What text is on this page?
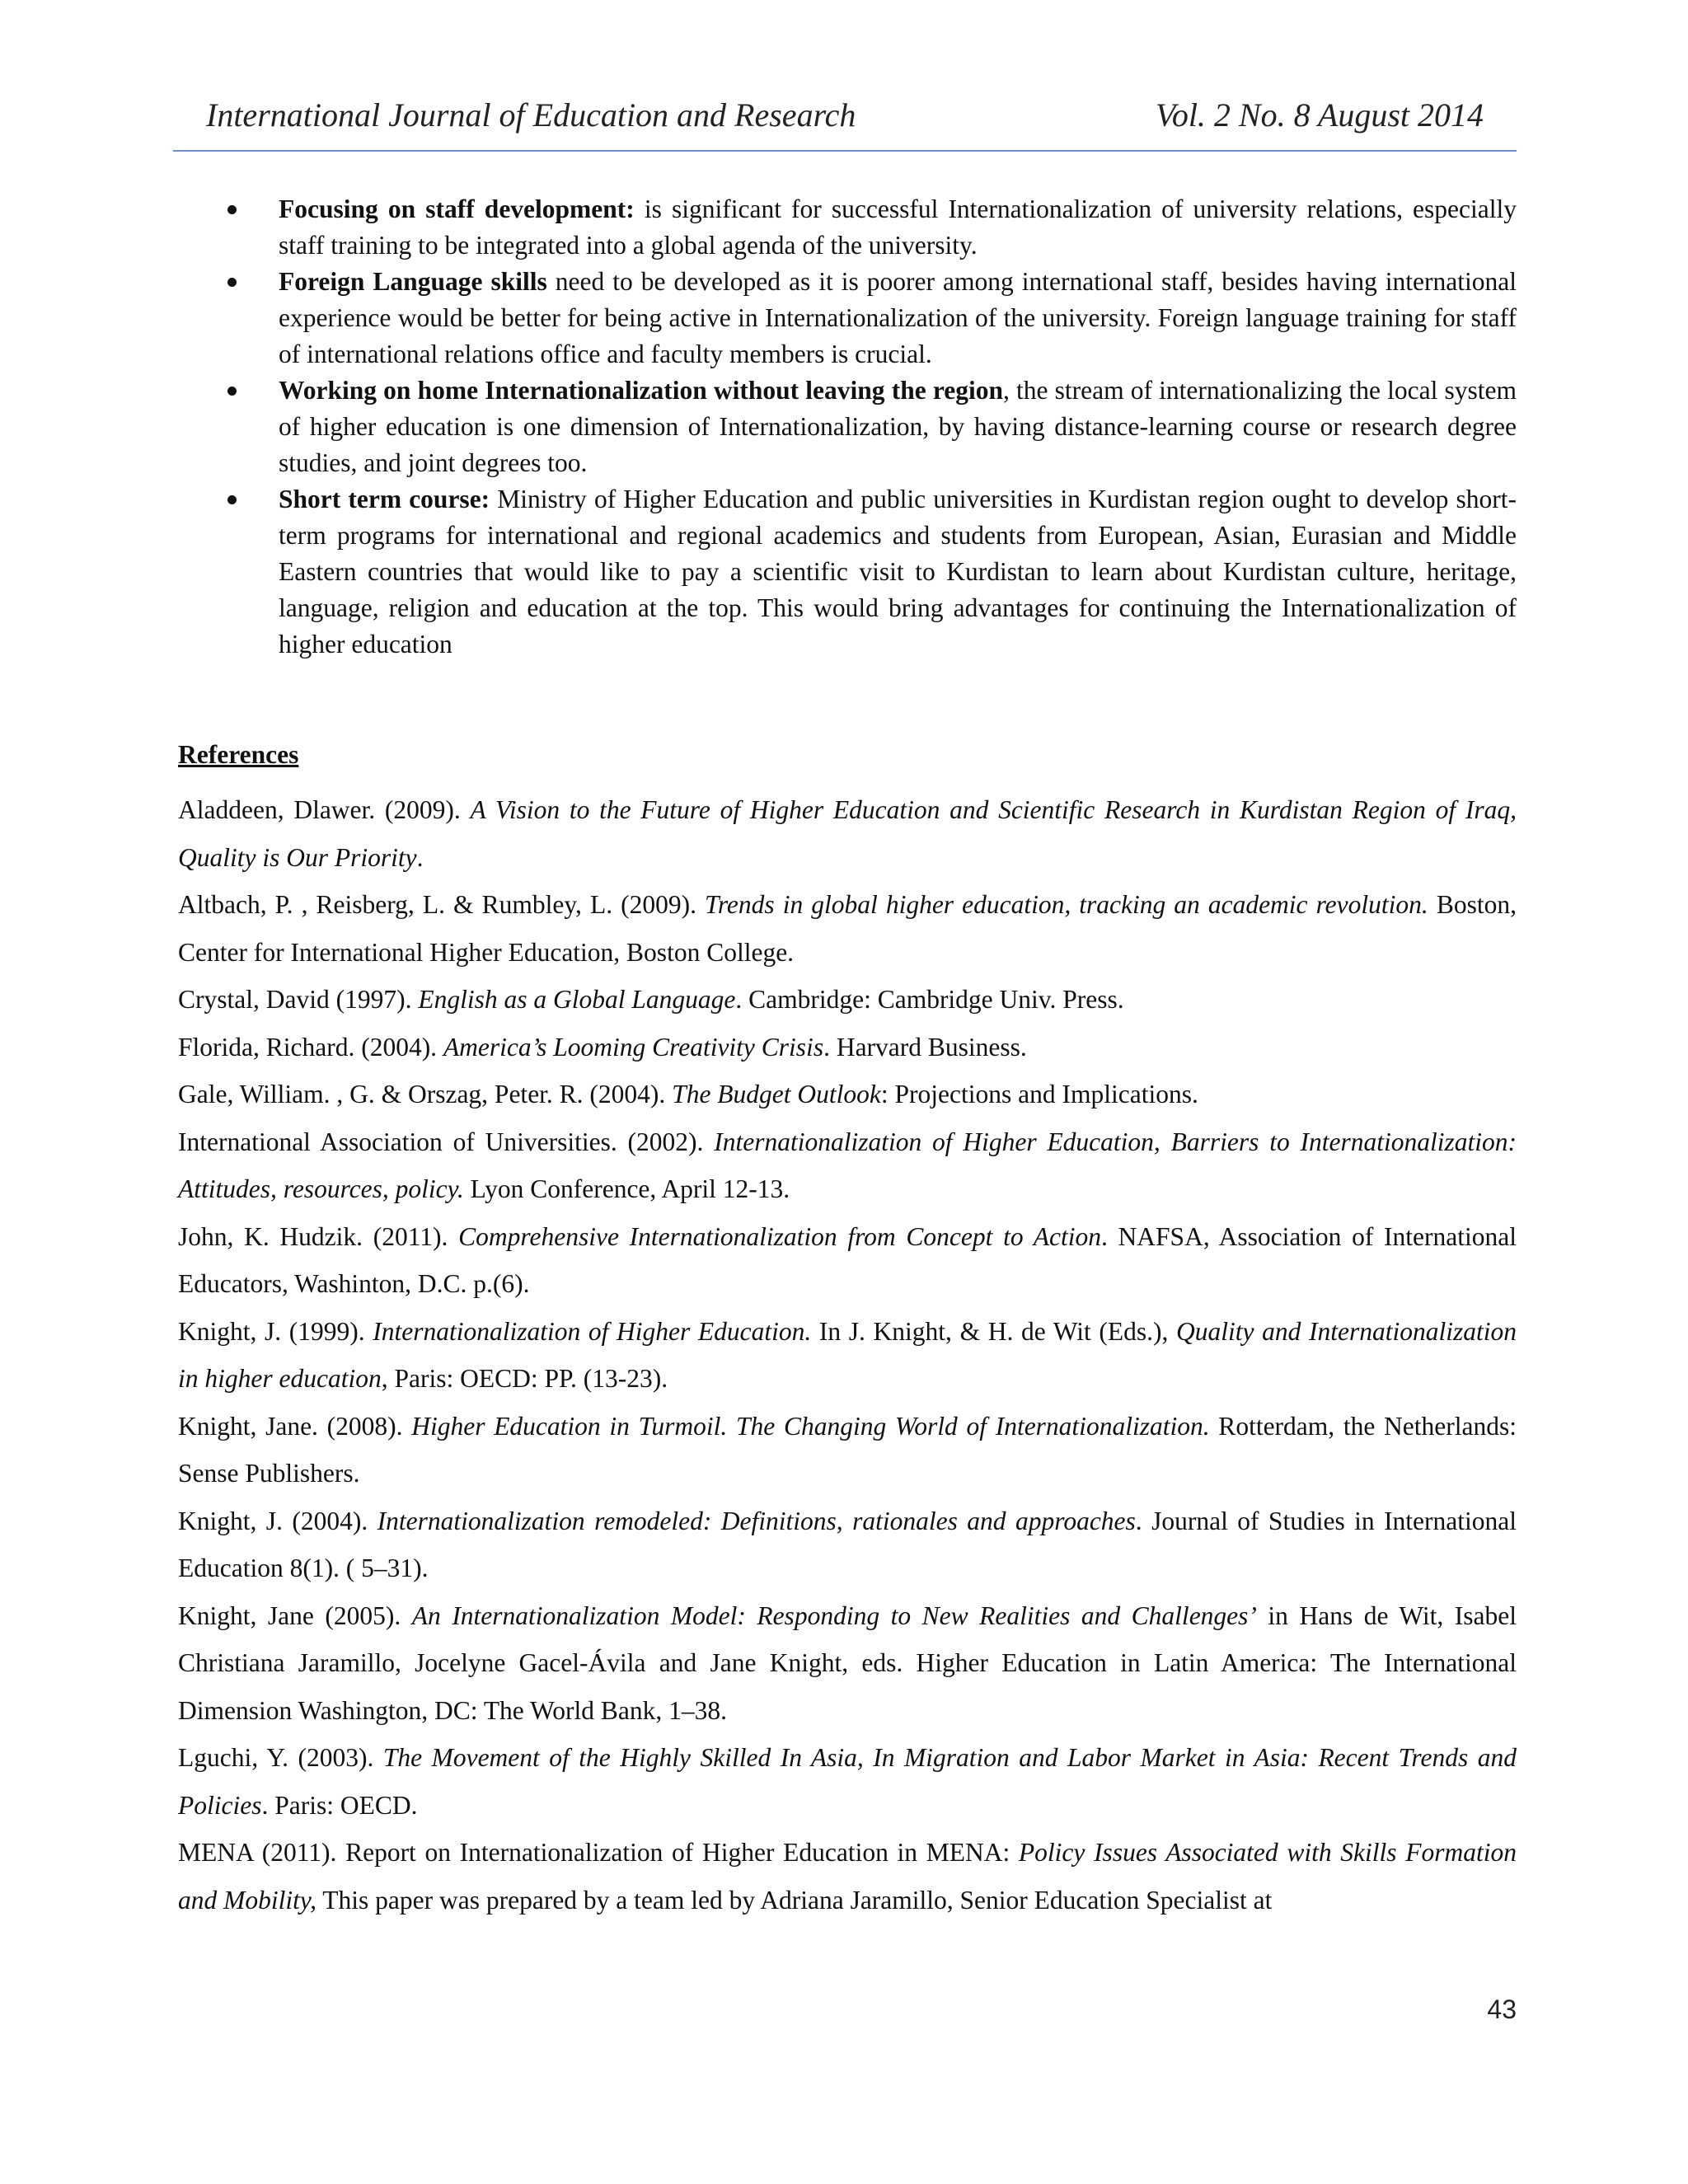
International Journal of Education and Research	Vol. 2 No. 8 August 2014
Focusing on staff development: is significant for successful Internationalization of university relations, especially staff training to be integrated into a global agenda of the university.
Foreign Language skills need to be developed as it is poorer among international staff, besides having international experience would be better for being active in Internationalization of the university. Foreign language training for staff of international relations office and faculty members is crucial.
Working on home Internationalization without leaving the region, the stream of internationalizing the local system of higher education is one dimension of Internationalization, by having distance-learning course or research degree studies, and joint degrees too.
Short term course: Ministry of Higher Education and public universities in Kurdistan region ought to develop short-term programs for international and regional academics and students from European, Asian, Eurasian and Middle Eastern countries that would like to pay a scientific visit to Kurdistan to learn about Kurdistan culture, heritage, language, religion and education at the top. This would bring advantages for continuing the Internationalization of higher education
References

Aladdeen, Dlawer. (2009). A Vision to the Future of Higher Education and Scientific Research in Kurdistan Region of Iraq, Quality is Our Priority.

Altbach, P. , Reisberg, L. & Rumbley, L. (2009). Trends in global higher education, tracking an academic revolution. Boston, Center for International Higher Education, Boston College.

Crystal, David (1997). English as a Global Language. Cambridge: Cambridge Univ. Press.

Florida, Richard. (2004). America’s Looming Creativity Crisis. Harvard Business.

Gale, William. , G. & Orszag, Peter. R. (2004). The Budget Outlook: Projections and Implications.

International Association of Universities. (2002). Internationalization of Higher Education, Barriers to Internationalization: Attitudes, resources, policy. Lyon Conference, April 12-13.

John, K. Hudzik. (2011). Comprehensive Internationalization from Concept to Action. NAFSA, Association of International Educators, Washinton, D.C. p.(6).

Knight, J. (1999). Internationalization of Higher Education. In J. Knight, & H. de Wit (Eds.), Quality and Internationalization in higher education, Paris: OECD: PP. (13-23).

Knight, Jane. (2008). Higher Education in Turmoil. The Changing World of Internationalization. Rotterdam, the Netherlands: Sense Publishers.

Knight, J. (2004). Internationalization remodeled: Definitions, rationales and approaches. Journal of Studies in International Education 8(1). ( 5–31).

Knight, Jane (2005). An Internationalization Model: Responding to New Realities and Challenges’ in Hans de Wit, Isabel Christiana Jaramillo, Jocelyne Gacel-Ávila and Jane Knight, eds. Higher Education in Latin America: The International Dimension Washington, DC: The World Bank, 1–38.

Lguchi, Y. (2003). The Movement of the Highly Skilled In Asia, In Migration and Labor Market in Asia: Recent Trends and Policies. Paris: OECD.

MENA (2011). Report on Internationalization of Higher Education in MENA: Policy Issues Associated with Skills Formation and Mobility, This paper was prepared by a team led by Adriana Jaramillo, Senior Education Specialist at

43
